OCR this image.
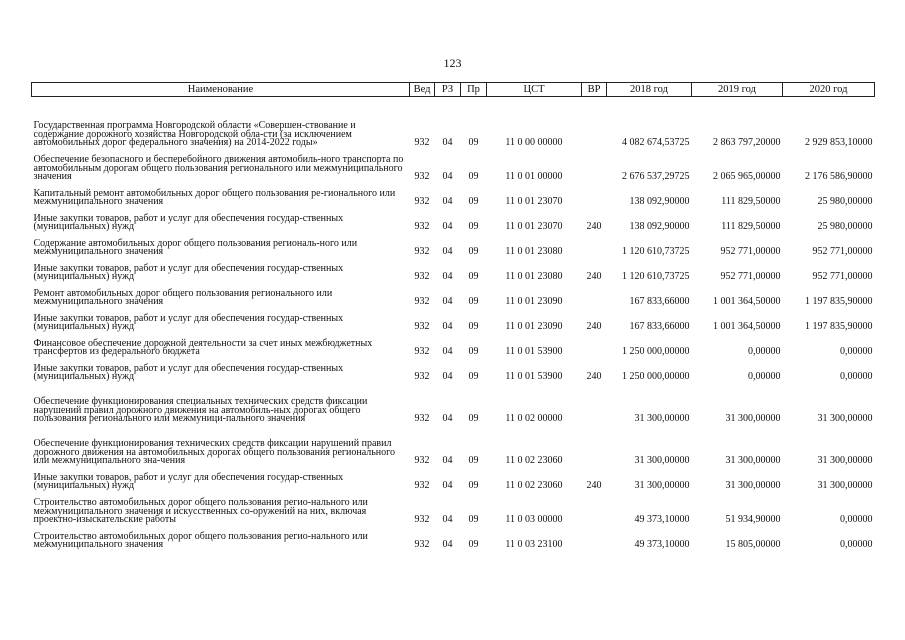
123
Наименование	Вед	РЗ	Пр	ЦСТ	ВР	2018 год	2019 год	2020 год
Государственная программа Новгородской области «Совершен-ствование и содержание дорожного хозяйства Новгородской обла-сти (за исключением автомобильных дорог федерального значения) на 2014-2022 годы»	932	04	09	11 0 00 00000		4 082 674,53725	2 863 797,20000	2 929 853,10000
Обеспечение безопасного и бесперебойного движения автомобиль-ного транспорта по автомобильным дорогам общего пользования регионального или межмуниципального значения	932	04	09	11 0 01 00000		2 676 537,29725	2 065 965,00000	2 176 586,90000
Капитальный ремонт автомобильных дорог общего пользования ре-гионального или межмуниципального значения	932	04	09	11 0 01 23070		138 092,90000	111 829,50000	25 980,00000
Иные закупки товаров, работ и услуг для обеспечения государ-ственных (муниципальных) нужд	932	04	09	11 0 01 23070	240	138 092,90000	111 829,50000	25 980,00000
Содержание автомобильных дорог общего пользования региональ-ного или межмуниципального значения	932	04	09	11 0 01 23080		1 120 610,73725	952 771,00000	952 771,00000
Иные закупки товаров, работ и услуг для обеспечения государ-ственных (муниципальных) нужд	932	04	09	11 0 01 23080	240	1 120 610,73725	952 771,00000	952 771,00000
Ремонт автомобильных дорог общего пользования регионального или межмуниципального значения	932	04	09	11 0 01 23090		167 833,66000	1 001 364,50000	1 197 835,90000
Иные закупки товаров, работ и услуг для обеспечения государ-ственных (муниципальных) нужд	932	04	09	11 0 01 23090	240	167 833,66000	1 001 364,50000	1 197 835,90000
Финансовое обеспечение дорожной деятельности за счет иных межбюджетных трансфертов из федерального бюджета	932	04	09	11 0 01 53900		1 250 000,00000	0,00000	0,00000
Иные закупки товаров, работ и услуг для обеспечения государ-ственных (муниципальных) нужд	932	04	09	11 0 01 53900	240	1 250 000,00000	0,00000	0,00000
Обеспечение функционирования специальных технических средств фиксации нарушений правил дорожного движения на автомобиль-ных дорогах общего пользования регионального или межмуници-пального значения	932	04	09	11 0 02 00000		31 300,00000	31 300,00000	31 300,00000
Обеспечение функционирования технических средств фиксации нарушений правил дорожного движения на автомобильных дорогах общего пользования регионального или межмуниципального зна-чения	932	04	09	11 0 02 23060		31 300,00000	31 300,00000	31 300,00000
Иные закупки товаров, работ и услуг для обеспечения государ-ственных (муниципальных) нужд	932	04	09	11 0 02 23060	240	31 300,00000	31 300,00000	31 300,00000
Строительство автомобильных дорог общего пользования регио-нального или межмуниципального значения и искусственных со-оружений на них, включая проектно-изыскательские работы	932	04	09	11 0 03 00000		49 373,10000	51 934,90000	0,00000
Строительство автомобильных дорог общего пользования регио-нального или межмуниципального значения	932	04	09	11 0 03 23100		49 373,10000	15 805,00000	0,00000
